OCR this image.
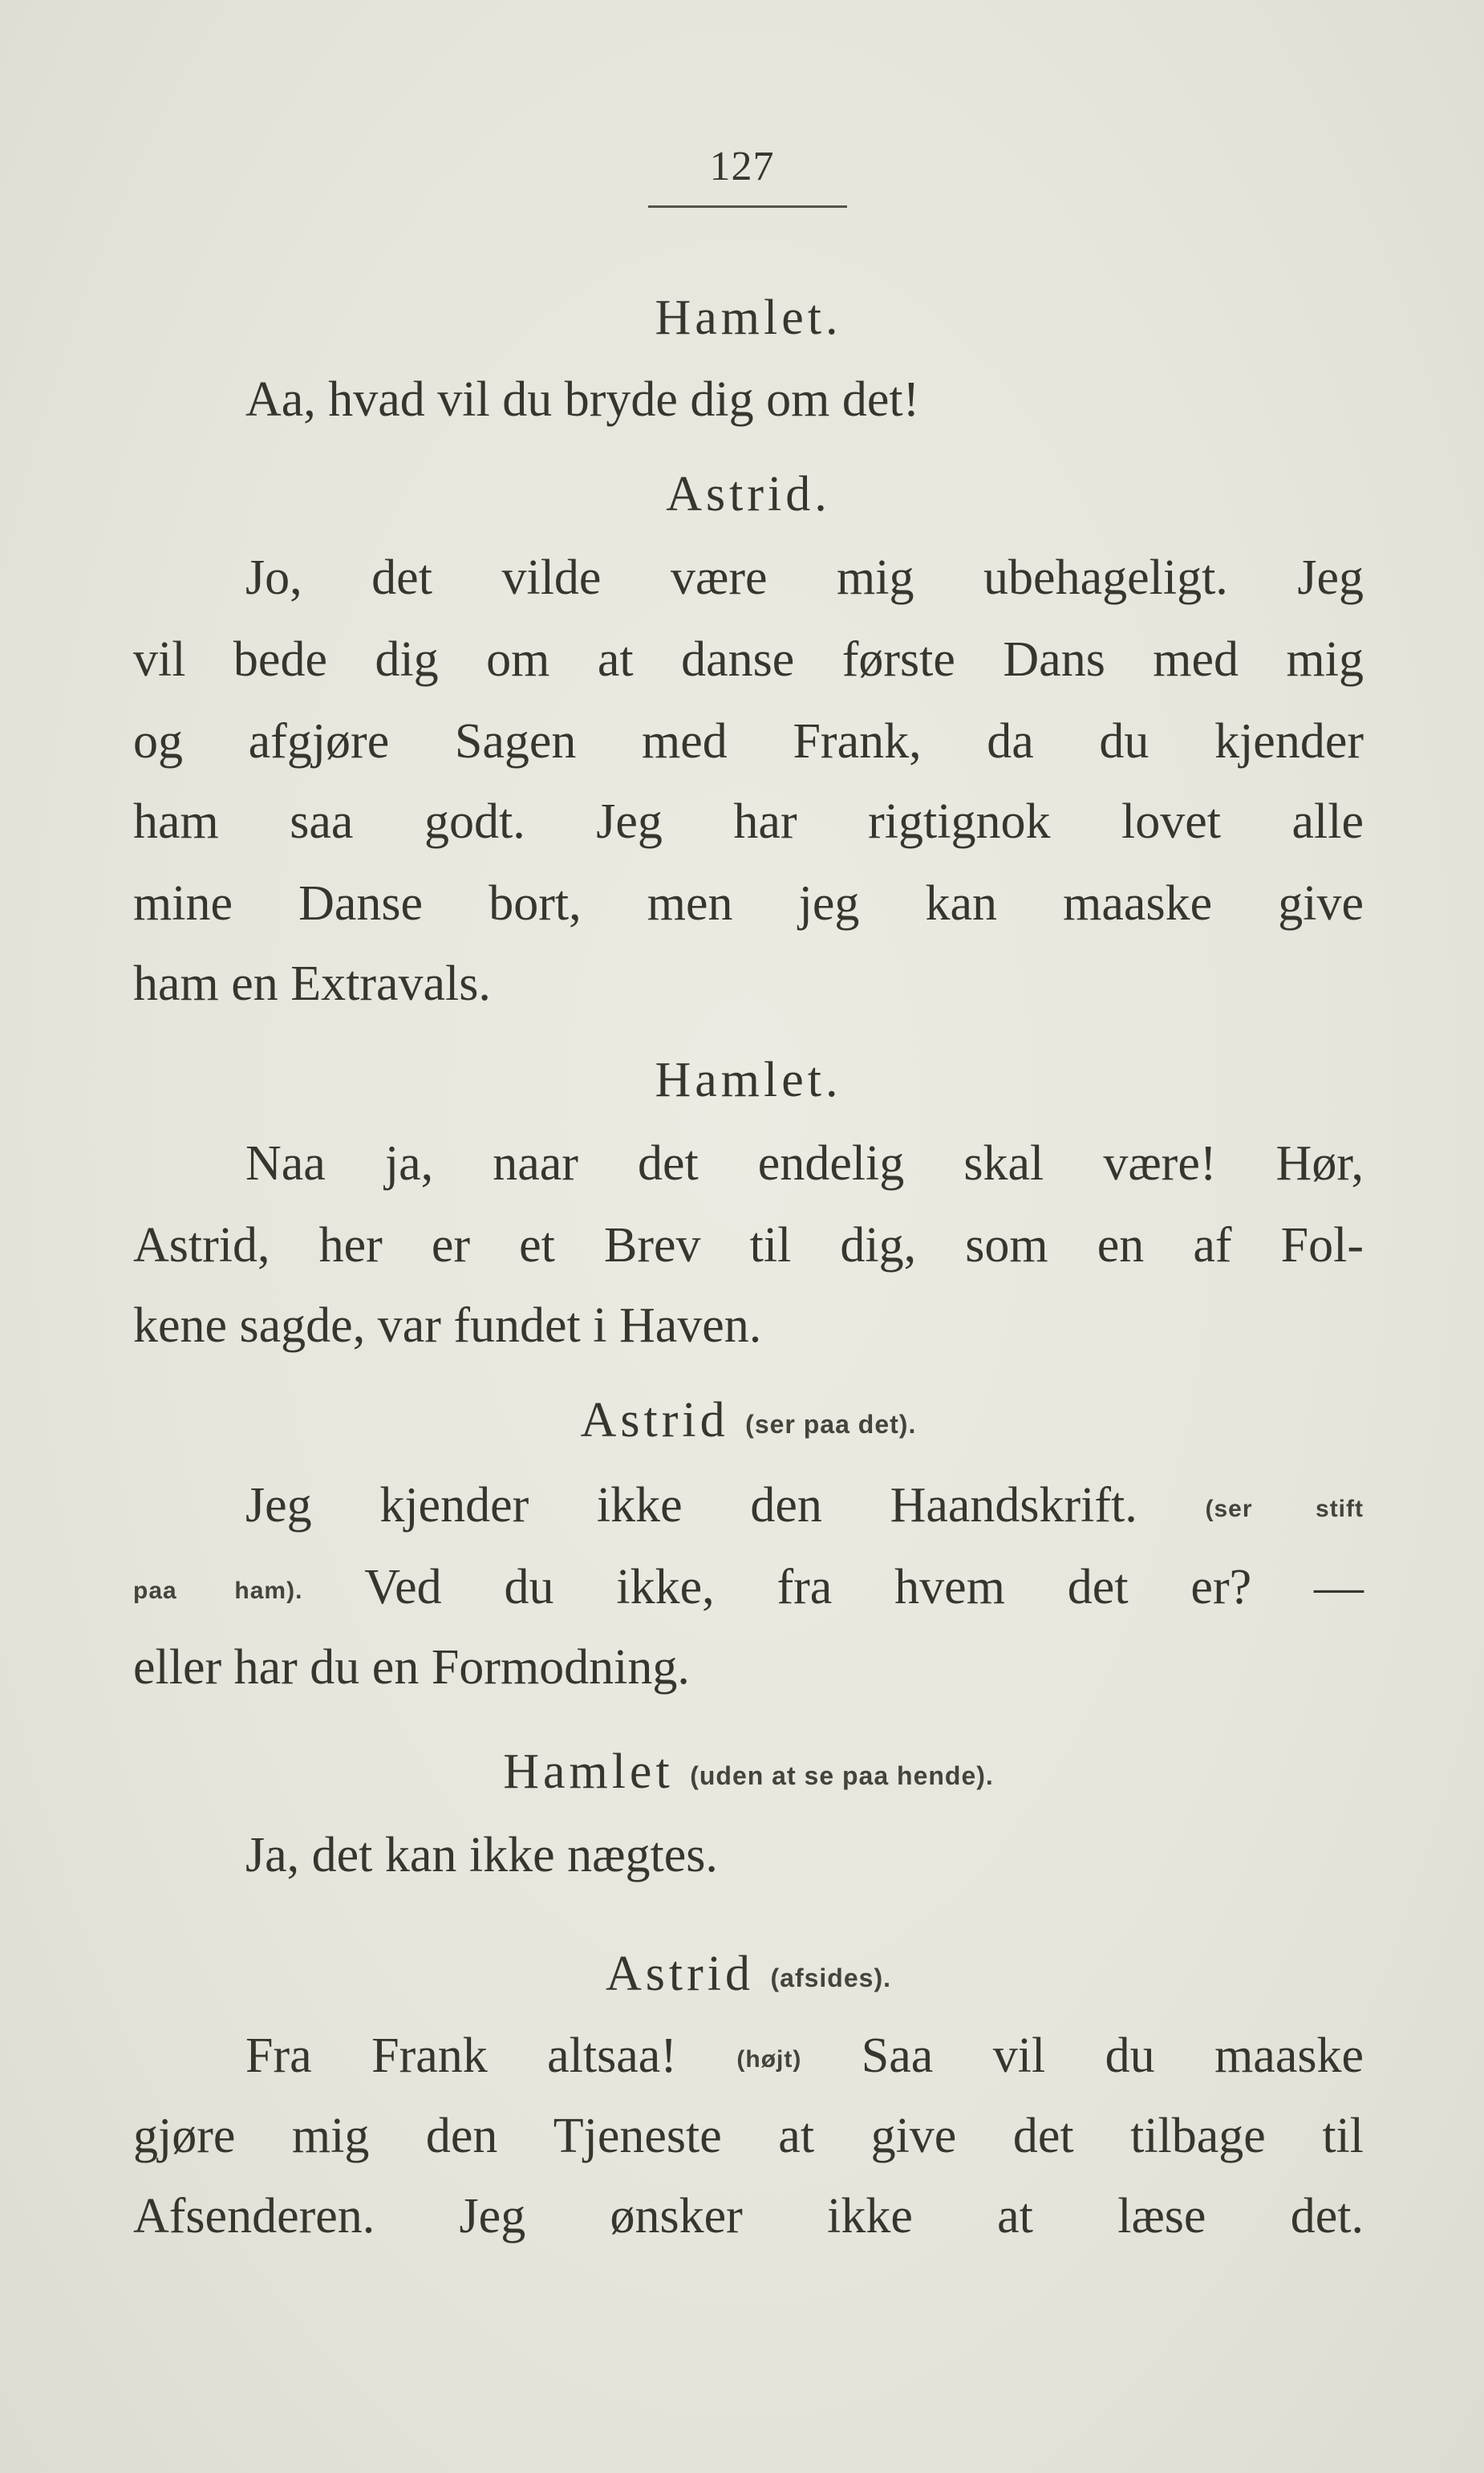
127
Hamlet.
Aa, hvad vil du bryde dig om det!
Astrid.
Jo, det vilde være mig ubehageligt. Jeg
vil bede dig om at danse første Dans med mig
og afgjøre Sagen med Frank, da du kjender
ham saa godt. Jeg har rigtignok lovet alle
mine Danse bort, men jeg kan maaske give
ham en Extravals.
Hamlet.
Naa ja, naar det endelig skal være! Hør,
Astrid, her er et Brev til dig, som en af Fol-
kene sagde, var fundet i Haven.
Astrid (ser paa det).
Jeg kjender ikke den Haandskrift.	(ser stift
paa ham). Ved du ikke, fra hvem det er? —
eller har du en Formodning.
Hamlet (uden at se paa hende).
Ja, det kan ikke nægtes.
Astrid (afsides).
Fra Frank altsaa! (højt) Saa vil du maaske
gjøre mig den Tjeneste at give det tilbage til
Afsenderen. Jeg ønsker ikke at læse det.
